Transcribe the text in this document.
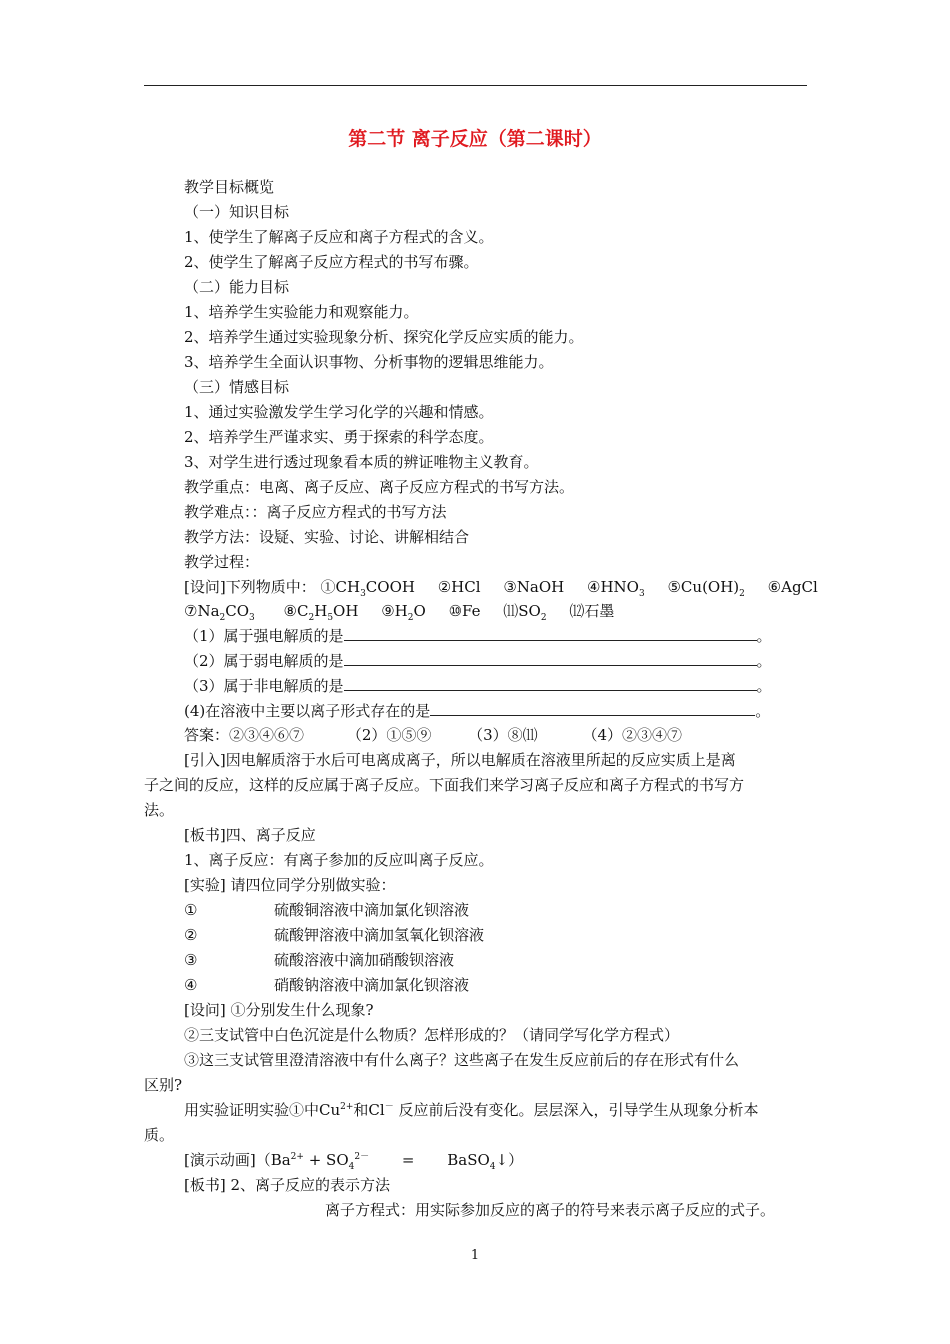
第二节 离子反应（第二课时）
教学目标概览
（一）知识目标
1、使学生了解离子反应和离子方程式的含义。
2、使学生了解离子反应方程式的书写布骤。
（二）能力目标
1、培养学生实验能力和观察能力。
2、培养学生通过实验现象分析、探究化学反应实质的能力。
3、培养学生全面认识事物、分析事物的逻辑思维能力。
（三）情感目标
1、通过实验激发学生学习化学的兴趣和情感。
2、培养学生严谨求实、勇于探索的科学态度。
3、对学生进行透过现象看本质的辨证唯物主义教育。
教学重点：电离、离子反应、离子反应方程式的书写方法。
教学难点：：离子反应方程式的书写方法
教学方法：设疑、实验、讨论、讲解相结合
教学过程：
[设问]下列物质中： $①CH_3COOH$ ②HCl ③NaOH $④HNO_3$ $⑤Cu(OH)_2$ ⑥AgCl
$⑦Na_2CO_3$ $⑧C_2H_5OH$ $⑨H_2O$ ⑩Fe $⑾SO_2$ ⑿石墨
（1）属于强电解质的是	。
（2）属于弱电解质的是	。
（3）属于非电解质的是	。
(4)在溶液中主要以离子形式存在的是	。
答案：②③④⑥⑦	（2）①⑤⑨ （3）⑧⑾	（4）②③④⑦
[引入]因电解质溶于水后可电离成离子，所以电解质在溶液里所起的反应实质上是离
子之间的反应，这样的反应属于离子反应。下面我们来学习离子反应和离子方程式的书写方
法。
[板书]四、离子反应
1、离子反应：有离子参加的反应叫离子反应。
[实验] 请四位同学分别做实验：
①	硫酸铜溶液中滴加氯化钡溶液
②	硫酸钾溶液中滴加氢氧化钡溶液
③	硫酸溶液中滴加硝酸钡溶液
④	硝酸钠溶液中滴加氯化钡溶液
[设问] ①分别发生什么现象?
②三支试管中白色沉淀是什么物质？怎样形成的？（请同学写化学方程式）
③这三支试管里澄清溶液中有什么离子？这些离子在发生反应前后的存在形式有什么
区别?
用实验证明实验①中$Cu^{2+}$和Cl－ 反应前后没有变化。层层深入，引导学生从现象分析本
质。
[演示动画]（$Ba^{2+} + SO_4^{2-}$ = BaSO$_4$↓）
[板书] 2、离子反应的表示方法
离子方程式：用实际参加反应的离子的符号来表示离子反应的式子。
1
